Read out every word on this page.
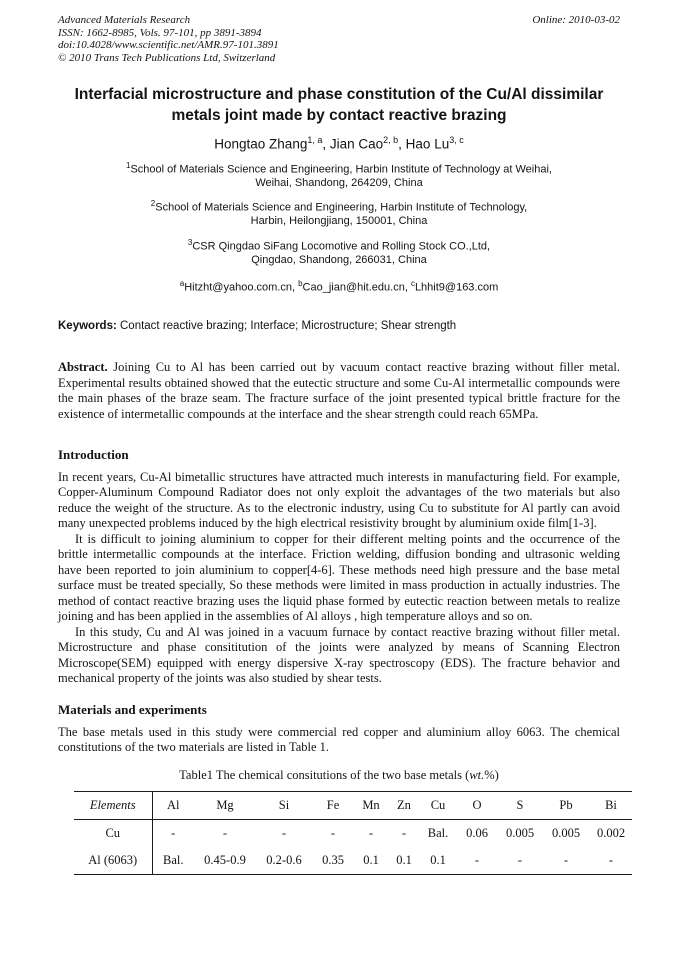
Advanced Materials Research
ISSN: 1662-8985, Vols. 97-101, pp 3891-3894
doi:10.4028/www.scientific.net/AMR.97-101.3891
© 2010 Trans Tech Publications Ltd, Switzerland
Online: 2010-03-02
Interfacial microstructure and phase constitution of the Cu/Al dissimilar metals joint made by contact reactive brazing
Hongtao Zhang$^{1, a}$, Jian Cao$^{2, b}$, Hao Lu$^{3, c}$
$^1$School of Materials Science and Engineering, Harbin Institute of Technology at Weihai,
Weihai, Shandong, 264209, China
$^2$School of Materials Science and Engineering, Harbin Institute of Technology,
Harbin, Heilongjiang, 150001, China
$^3$CSR Qingdao SiFang Locomotive and Rolling Stock CO.,Ltd,
Qingdao, Shandong, 266031, China
$^a$Hitzht@yahoo.com.cn, $^b$Cao_jian@hit.edu.cn, $^c$Lhhit9@163.com
Keywords: Contact reactive brazing; Interface; Microstructure; Shear strength

Abstract. Joining Cu to Al has been carried out by vacuum contact reactive brazing without filler metal. Experimental results obtained showed that the eutectic structure and some Cu-Al intermetallic compounds were the main phases of the braze seam. The fracture surface of the joint presented typical brittle fracture for the existence of intermetallic compounds at the interface and the shear strength could reach 65MPa.

Introduction

In recent years, Cu-Al bimetallic structures have attracted much interests in manufacturing field. For example, Copper-Aluminum Compound Radiator does not only exploit the advantages of the two materials but also reduce the weight of the structure. As to the electronic industry, using Cu to substitute for Al partly can avoid many unexpected problems induced by the high electrical resistivity brought by aluminium oxide film[1-3].

It is difficult to joining aluminium to copper for their different melting points and the occurrence of the brittle intermetallic compounds at the interface. Friction welding, diffusion bonding and ultrasonic welding have been reported to join aluminium to copper[4-6]. These methods need high pressure and the base metal surface must be treated specially, So these methods were limited in mass production in actually industries. The method of contact reactive brazing uses the liquid phase formed by eutectic reaction between metals to realize joining and has been applied in the assemblies of Al alloys , high temperature alloys and so on.

In this study, Cu and Al was joined in a vacuum furnace by contact reactive brazing without filler metal. Microstructure and phase consititution of the joints were analyzed by means of Scanning Electron Microscope(SEM) equipped with energy dispersive X-ray spectroscopy (EDS). The fracture behavior and mechanical property of the joints was also studied by shear tests.

Materials and experiments

The base metals used in this study were commercial red copper and aluminium alloy 6063. The chemical constitutions of the two materials are listed in Table 1.

Table1 The chemical consitutions of the two base metals (wt.%)
Elements	Al	Mg	Si	Fe	Mn	Zn	Cu	O	S	Pb	Bi
Cu	-	-	-	-	-	-	Bal.	0.06	0.005	0.005	0.002
Al (6063)	Bal.	0.45-0.9	0.2-0.6	0.35	0.1	0.1	0.1	-	-	-	-
